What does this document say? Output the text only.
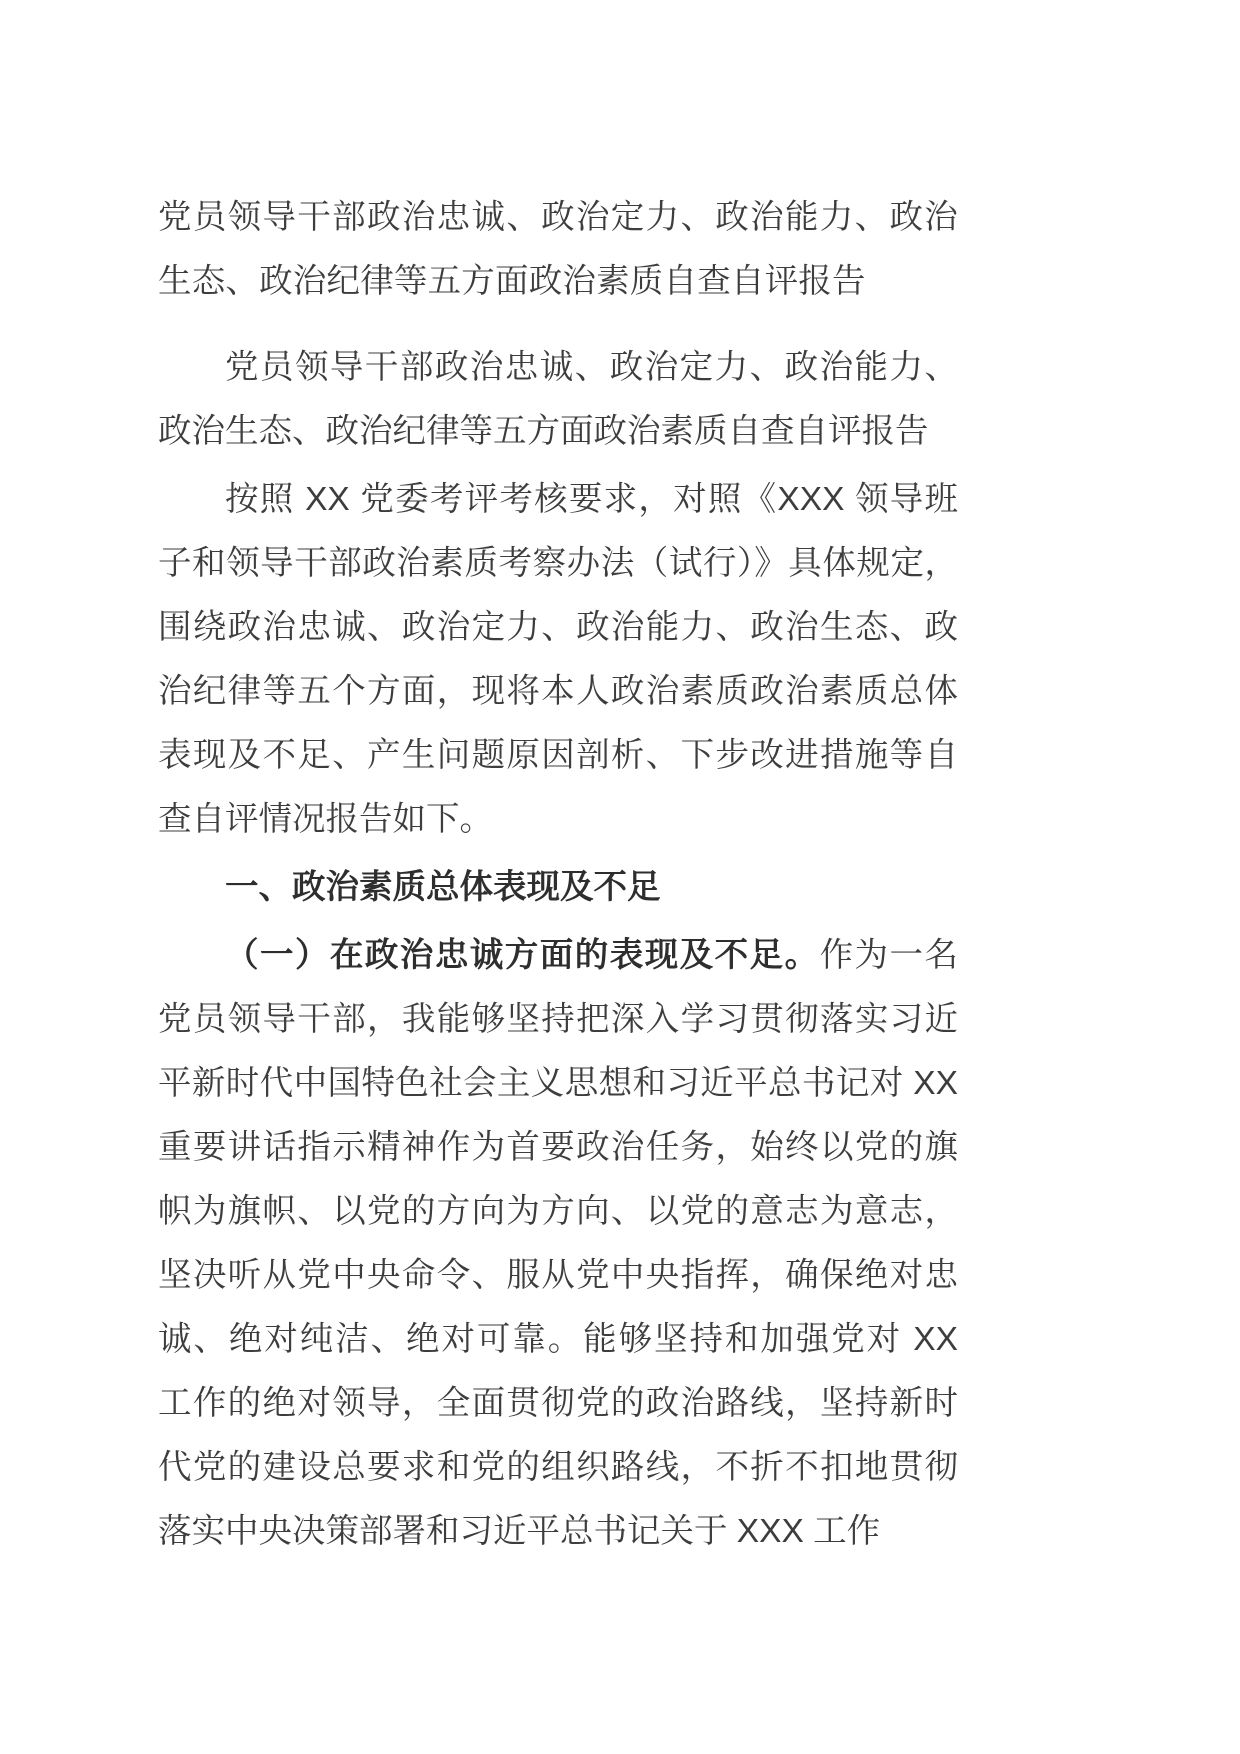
党员领导干部政治忠诚、政治定力、政治能力、政治生态、政治纪律等五方面政治素质自查自评报告

党员领导干部政治忠诚、政治定力、政治能力、政治生态、政治纪律等五方面政治素质自查自评报告

按照 XX 党委考评考核要求，对照《XXX 领导班子和领导干部政治素质考察办法（试行）》具体规定，围绕政治忠诚、政治定力、政治能力、政治生态、政治纪律等五个方面，现将本人政治素质政治素质总体表现及不足、产生问题原因剖析、下步改进措施等自查自评情况报告如下。

一、政治素质总体表现及不足

（一）在政治忠诚方面的表现及不足。作为一名党员领导干部，我能够坚持把深入学习贯彻落实习近平新时代中国特色社会主义思想和习近平总书记对 XX 重要讲话指示精神作为首要政治任务，始终以党的旗帜为旗帜、以党的方向为方向、以党的意志为意志，坚决听从党中央命令、服从党中央指挥，确保绝对忠诚、绝对纯洁、绝对可靠。能够坚持和加强党对 XX 工作的绝对领导，全面贯彻党的政治路线，坚持新时代党的建设总要求和党的组织路线，不折不扣地贯彻落实中央决策部署和习近平总书记关于 XXX 工作
